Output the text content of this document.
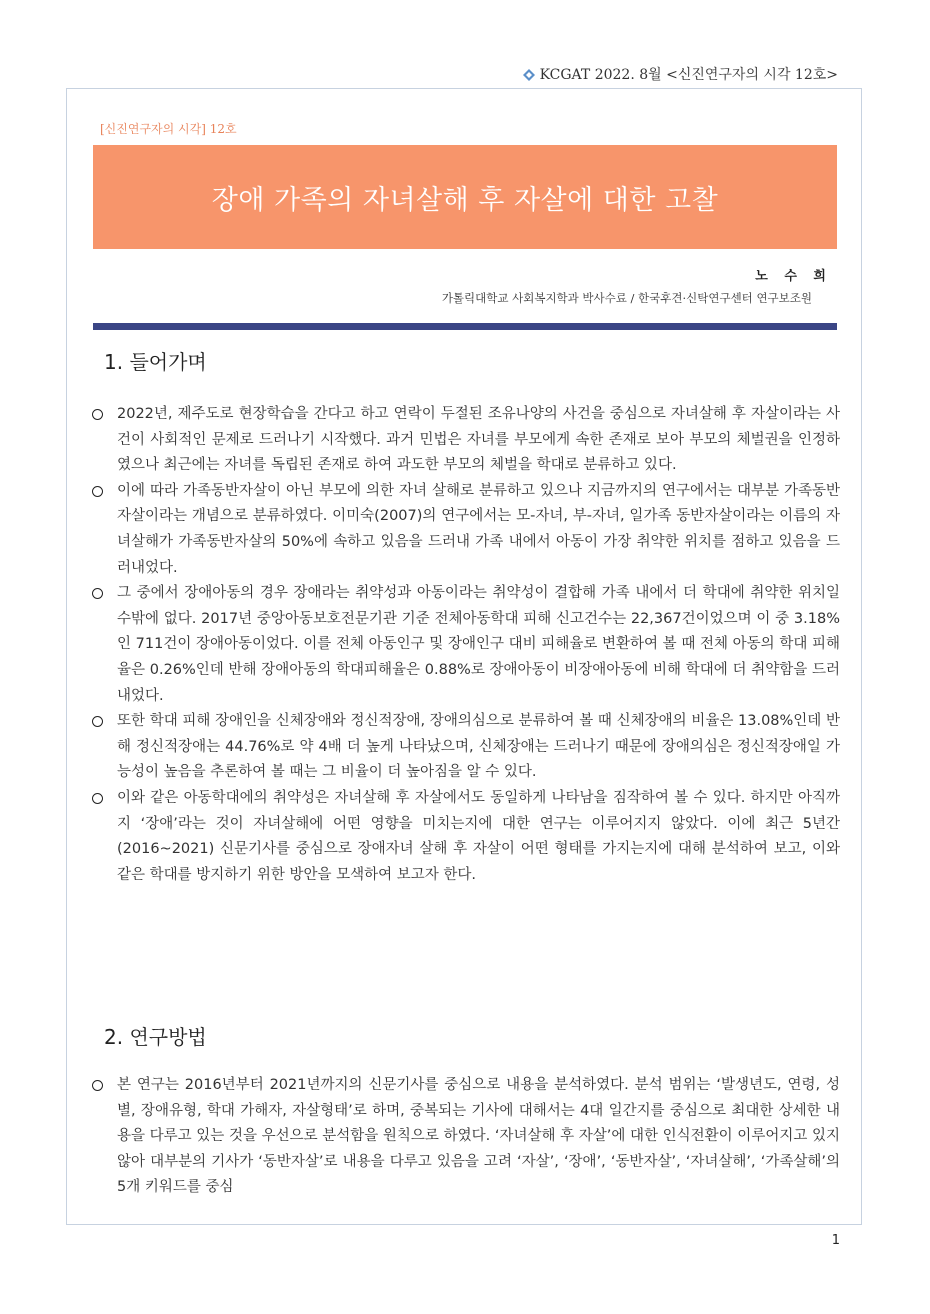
KCGAT 2022. 8월 <신진연구자의 시각 12호>
[신진연구자의 시각] 12호
장애 가족의 자녀살해 후 자살에 대한 고찰
노 수 희
가톨릭대학교 사회복지학과 박사수료 / 한국후견·신탁연구센터 연구보조원
1. 들어가며
2022년, 제주도로 현장학습을 간다고 하고 연락이 두절된 조유나양의 사건을 중심으로 자녀살해 후 자살이라는 사건이 사회적인 문제로 드러나기 시작했다. 과거 민법은 자녀를 부모에게 속한 존재로 보아 부모의 체벌권을 인정하였으나 최근에는 자녀를 독립된 존재로 하여 과도한 부모의 체벌을 학대로 분류하고 있다.
이에 따라 가족동반자살이 아닌 부모에 의한 자녀 살해로 분류하고 있으나 지금까지의 연구에서는 대부분 가족동반자살이라는 개념으로 분류하였다. 이미숙(2007)의 연구에서는 모-자녀, 부-자녀, 일가족 동반자살이라는 이름의 자녀살해가 가족동반자살의 50%에 속하고 있음을 드러내 가족 내에서 아동이 가장 취약한 위치를 점하고 있음을 드러내었다.
그 중에서 장애아동의 경우 장애라는 취약성과 아동이라는 취약성이 결합해 가족 내에서 더 학대에 취약한 위치일 수밖에 없다. 2017년 중앙아동보호전문기관 기준 전체아동학대 피해 신고건수는 22,367건이었으며 이 중 3.18%인 711건이 장애아동이었다. 이를 전체 아동인구 및 장애인구 대비 피해율로 변환하여 볼 때 전체 아동의 학대 피해율은 0.26%인데 반해 장애아동의 학대피해율은 0.88%로 장애아동이 비장애아동에 비해 학대에 더 취약함을 드러내었다.
또한 학대 피해 장애인을 신체장애와 정신적장애, 장애의심으로 분류하여 볼 때 신체장애의 비율은 13.08%인데 반해 정신적장애는 44.76%로 약 4배 더 높게 나타났으며, 신체장애는 드러나기 때문에 장애의심은 정신적장애일 가능성이 높음을 추론하여 볼 때는 그 비율이 더 높아짐을 알 수 있다.
이와 같은 아동학대에의 취약성은 자녀살해 후 자살에서도 동일하게 나타남을 짐작하여 볼 수 있다. 하지만 아직까지 ‘장애’라는 것이 자녀살해에 어떤 영향을 미치는지에 대한 연구는 이루어지지 않았다. 이에 최근 5년간(2016~2021) 신문기사를 중심으로 장애자녀 살해 후 자살이 어떤 형태를 가지는지에 대해 분석하여 보고, 이와 같은 학대를 방지하기 위한 방안을 모색하여 보고자 한다.
2. 연구방법
본 연구는 2016년부터 2021년까지의 신문기사를 중심으로 내용을 분석하였다. 분석 범위는 ‘발생년도, 연령, 성별, 장애유형, 학대 가해자, 자살형태’로 하며, 중복되는 기사에 대해서는 4대 일간지를 중심으로 최대한 상세한 내용을 다루고 있는 것을 우선으로 분석함을 원칙으로 하였다. ‘자녀살해 후 자살’에 대한 인식전환이 이루어지고 있지 않아 대부분의 기사가 ‘동반자살’로 내용을 다루고 있음을 고려 ‘자살’, ‘장애’, ‘동반자살’, ‘자녀살해’, ‘가족살해’의 5개 키워드를 중심
1
